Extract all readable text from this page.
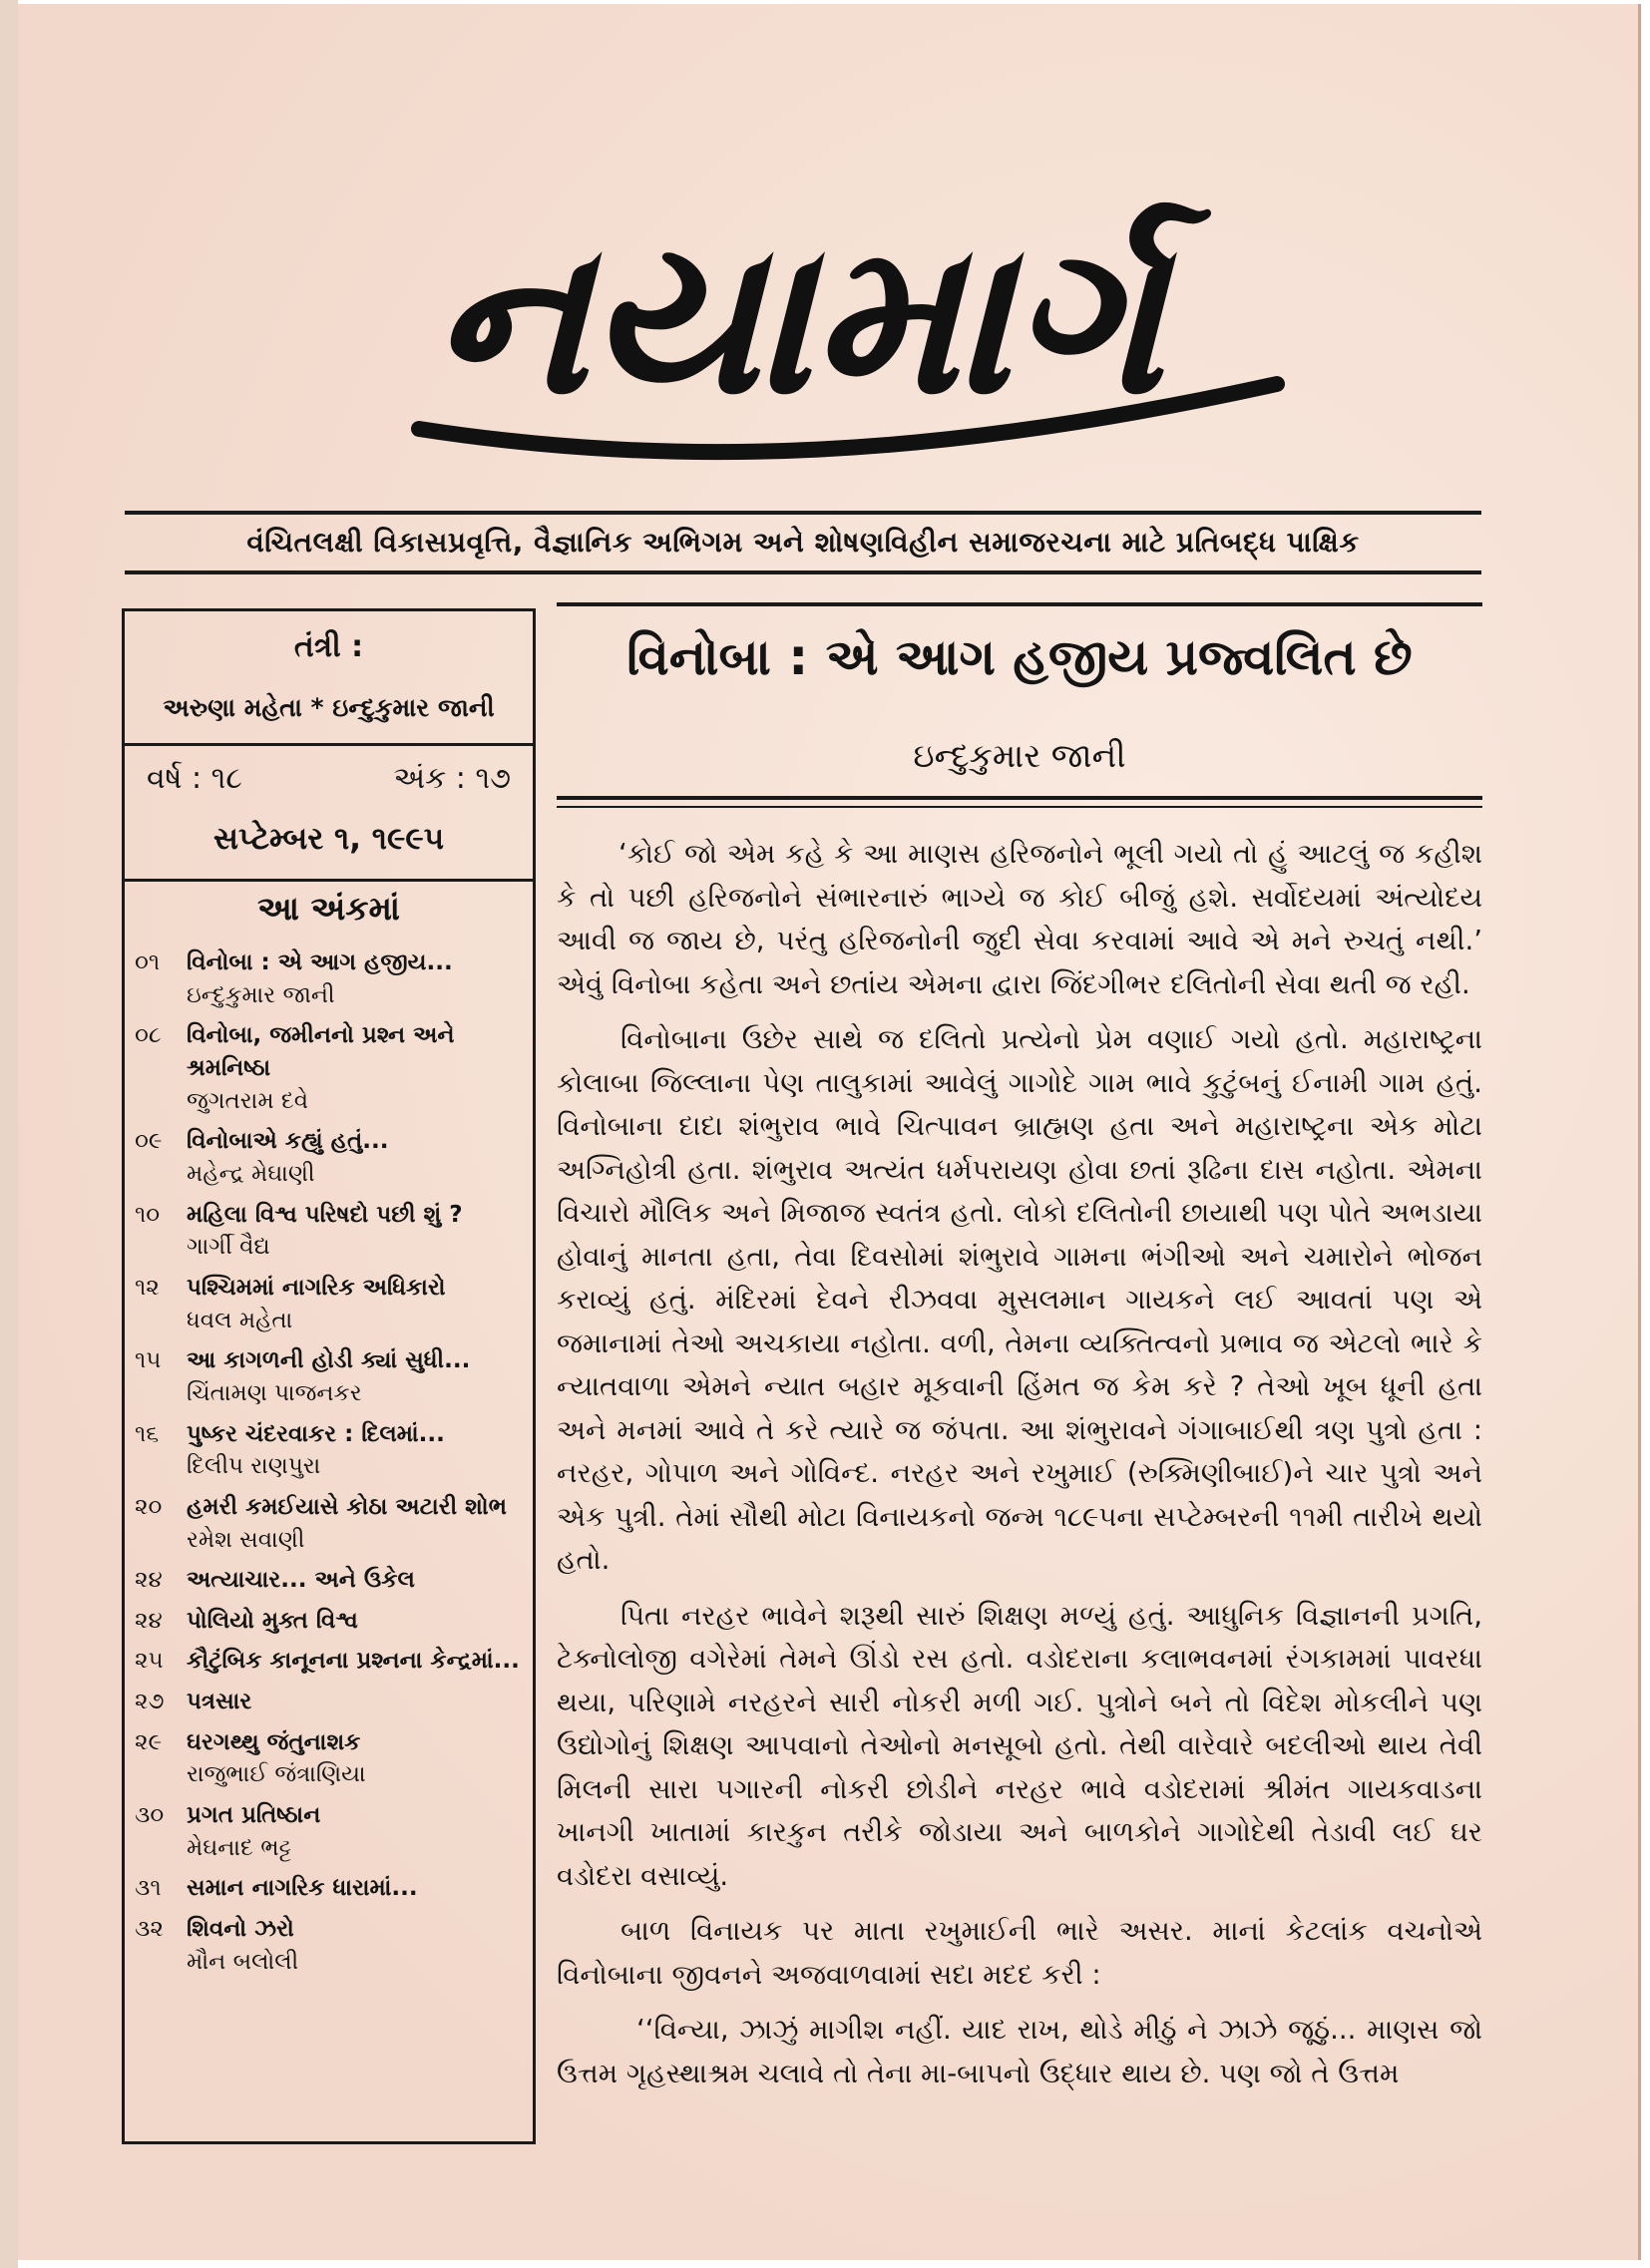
નયામાર્ગ
વંચિતલક્ષી વિકાસપ્રવૃત્તિ, વૈજ્ઞાનિક અભિગમ અને શોષણવિહીન સમાજરચના માટે પ્રતિબદ્ધ પાક્ષિક
તંત્રી :
અરુણા મહેતા * ઇન્દુકુમાર જાની
વર્ષ : ૧૮	અંક : ૧૭
સપ્ટેમ્બર ૧, ૧૯૯૫
આ અંકમાં
૦૧	વિનોબા : એ આગ હજીય...
ઇન્દુકુમાર જાની
૦૮	વિનોબા, જમીનનો પ્રશ્ન અને શ્રમનિષ્ઠા
જુગતરામ દવે
૦૯	વિનોબાએ કહ્યું હતું...
મહેન્દ્ર મેઘાણી
૧૦	મહિલા વિશ્વ પરિષદો પછી શું ?
ગાર્ગી વૈદ્ય
૧૨	પશ્ચિમમાં નાગરિક અધિકારો
ધવલ મહેતા
૧૫	આ કાગળની હોડી ક્યાં સુધી...
ચિંતામણ પાજનકર
૧૬	પુષ્કર ચંદરવાકર : દિલમાં...
દિલીપ રાણપુરા
૨૦	હમરી કમઈયાસે કોઠા અટારી શોભ
રમેશ સવાણી
૨૪	અત્યાચાર... અને ઉકેલ
૨૪	પોલિયો મુક્ત વિશ્વ
૨૫	કૌટુંબિક કાનૂનના પ્રશ્નના કેન્દ્રમાં...
૨૭ પત્રસાર
૨૯	ઘરગથ્થુ જંતુનાશક
રાજુભાઈ જંત્રાણિયા
૩૦ પ્રગત પ્રતિષ્ઠાન
મેઘનાદ ભટ્ટ
૩૧	સમાન નાગરિક ધારામાં...
૩૨	શિવનો ઝરો
મૌન બલોલી
વિનોબા : એ આગ હજીય પ્રજ્વલિત છે
ઇન્દુકુમાર જાની

‘કોઈ જો એમ કહે કે આ માણસ હરિજનોને ભૂલી ગયો તો હું આટલું જ કહીશ કે તો પછી હરિજનોને સંભારનારું ભાગ્યે જ કોઈ બીજું હશે. સર્વોદયમાં અંત્યોદય આવી જ જાય છે, પરંતુ હરિજનોની જુદી સેવા કરવામાં આવે એ મને રુચતું નથી.’ એવું વિનોબા કહેતા અને છતાંય એમના દ્વારા જિંદગીભર દલિતોની સેવા થતી જ રહી.

વિનોબાના ઉછેર સાથે જ દલિતો પ્રત્યેનો પ્રેમ વણાઈ ગયો હતો. મહારાષ્ટ્રના કોલાબા જિલ્લાના પેણ તાલુકામાં આવેલું ગાગોદે ગામ ભાવે કુટુંબનું ઈનામી ગામ હતું. વિનોબાના દાદા શંભુરાવ ભાવે ચિત્પાવન બ્રાહ્મણ હતા અને મહારાષ્ટ્રના એક મોટા અગ્નિહોત્રી હતા. શંભુરાવ અત્યંત ધર્મપરાયણ હોવા છતાં રૂઢિના દાસ નહોતા. એમના વિચારો મૌલિક અને મિજાજ સ્વતંત્ર હતો. લોકો દલિતોની છાયાથી પણ પોતે અભડાયા હોવાનું માનતા હતા, તેવા દિવસોમાં શંભુરાવે ગામના ભંગીઓ અને ચમારોને ભોજન કરાવ્યું હતું. મંદિરમાં દેવને રીઝવવા મુસલમાન ગાયકને લઈ આવતાં પણ એ જમાનામાં તેઓ અચકાયા નહોતા. વળી, તેમના વ્યક્તિત્વનો પ્રભાવ જ એટલો ભારે કે ન્યાતવાળા એમને ન્યાત બહાર મૂકવાની હિંમત જ કેમ કરે ? તેઓ ખૂબ ધૂની હતા અને મનમાં આવે તે કરે ત્યારે જ જંપતા. આ શંભુરાવને ગંગાબાઈથી ત્રણ પુત્રો હતા : નરહર, ગોપાળ અને ગોવિન્દ. નરહર અને રખુમાઈ (રુક્મિણીબાઈ)ને ચાર પુત્રો અને એક પુત્રી. તેમાં સૌથી મોટા વિનાયકનો જન્મ ૧૮૯૫ના સપ્ટેમ્બરની ૧૧મી તારીખે થયો હતો.

પિતા નરહર ભાવેને શરૂથી સારું શિક્ષણ મળ્યું હતું. આધુનિક વિજ્ઞાનની પ્રગતિ, ટેક્નોલોજી વગેરેમાં તેમને ઊંડો રસ હતો. વડોદરાના કલાભવનમાં રંગકામમાં પાવરધા થયા, પરિણામે નરહરને સારી નોકરી મળી ગઈ. પુત્રોને બને તો વિદેશ મોકલીને પણ ઉદ્યોગોનું શિક્ષણ આપવાનો તેઓનો મનસૂબો હતો. તેથી વારેવારે બદલીઓ થાય તેવી મિલની સારા પગારની નોકરી છોડીને નરહર ભાવે વડોદરામાં શ્રીમંત ગાયકવાડના ખાનગી ખાતામાં કારકુન તરીકે જોડાયા અને બાળકોને ગાગોદેથી તેડાવી લઈ ઘર વડોદરા વસાવ્યું.

બાળ વિનાયક પર માતા રખુમાઈની ભારે અસર. માનાં કેટલાંક વચનોએ વિનોબાના જીવનને અજવાળવામાં સદા મદદ કરી :

‘‘વિન્યા, ઝાઝું માગીશ નહીં. યાદ રાખ, થોડે મીઠું ને ઝાઝે જૂઠું... માણસ જો ઉત્તમ ગૃહસ્થાશ્રમ ચલાવે તો તેના મા-બાપનો ઉદ્ધાર થાય છે. પણ જો તે ઉત્તમ
